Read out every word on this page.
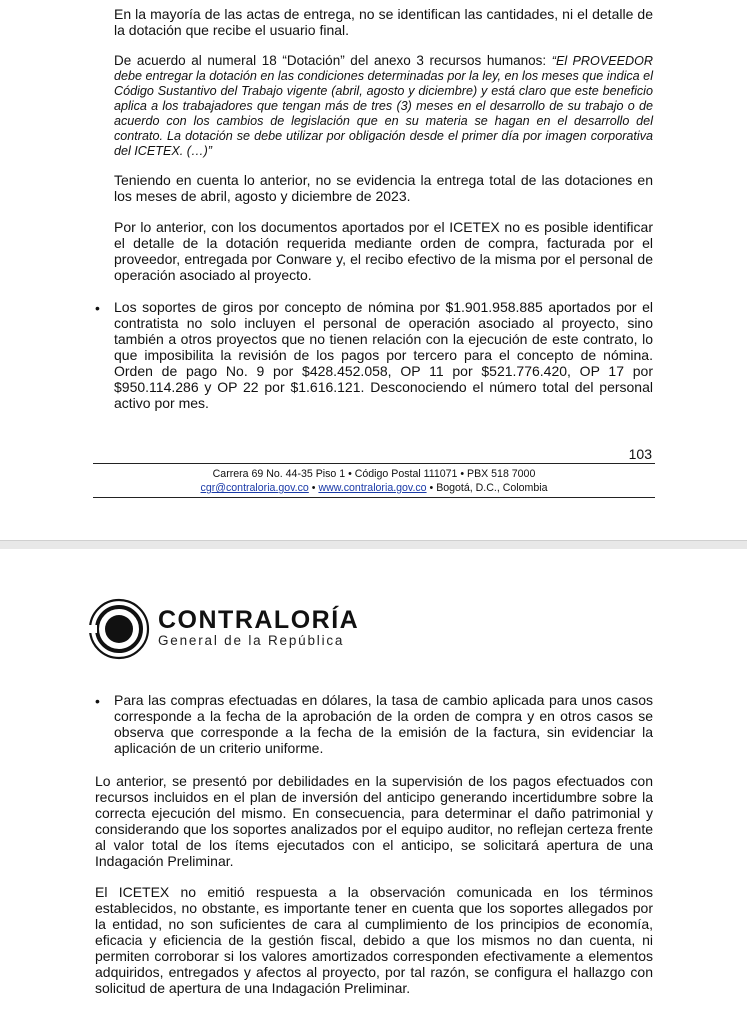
En la mayoría de las actas de entrega, no se identifican las cantidades, ni el detalle de la dotación que recibe el usuario final.

De acuerdo al numeral 18 “Dotación” del anexo 3 recursos humanos: “El PROVEEDOR debe entregar la dotación en las condiciones determinadas por la ley, en los meses que indica el Código Sustantivo del Trabajo vigente (abril, agosto y diciembre) y está claro que este beneficio aplica a los trabajadores que tengan más de tres (3) meses en el desarrollo de su trabajo o de acuerdo con los cambios de legislación que en su materia se hagan en el desarrollo del contrato. La dotación se debe utilizar por obligación desde el primer día por imagen corporativa del ICETEX. (…)”

Teniendo en cuenta lo anterior, no se evidencia la entrega total de las dotaciones en los meses de abril, agosto y diciembre de 2023.

Por lo anterior, con los documentos aportados por el ICETEX no es posible identificar el detalle de la dotación requerida mediante orden de compra, facturada por el proveedor, entregada por Conware y, el recibo efectivo de la misma por el personal de operación asociado al proyecto.

• Los soportes de giros por concepto de nómina por $1.901.958.885 aportados por el contratista no solo incluyen el personal de operación asociado al proyecto, sino también a otros proyectos que no tienen relación con la ejecución de este contrato, lo que imposibilita la revisión de los pagos por tercero para el concepto de nómina. Orden de pago No. 9 por $428.452.058, OP 11 por $521.776.420, OP 17 por $950.114.286 y OP 22 por $1.616.121. Desconociendo el número total del personal activo por mes.

103
Carrera 69 No. 44-35 Piso 1 • Código Postal 111071 • PBX 518 7000
cgr@contraloria.gov.co • www.contraloria.gov.co • Bogotá, D.C., Colombia
CONTRALORÍA
General de la República
• Para las compras efectuadas en dólares, la tasa de cambio aplicada para unos casos corresponde a la fecha de la aprobación de la orden de compra y en otros casos se observa que corresponde a la fecha de la emisión de la factura, sin evidenciar la aplicación de un criterio uniforme.

Lo anterior, se presentó por debilidades en la supervisión de los pagos efectuados con recursos incluidos en el plan de inversión del anticipo generando incertidumbre sobre la correcta ejecución del mismo. En consecuencia, para determinar el daño patrimonial y considerando que los soportes analizados por el equipo auditor, no reflejan certeza frente al valor total de los ítems ejecutados con el anticipo, se solicitará apertura de una Indagación Preliminar.

El ICETEX no emitió respuesta a la observación comunicada en los términos establecidos, no obstante, es importante tener en cuenta que los soportes allegados por la entidad, no son suficientes de cara al cumplimiento de los principios de economía, eficacia y eficiencia de la gestión fiscal, debido a que los mismos no dan cuenta, ni permiten corroborar si los valores amortizados corresponden efectivamente a elementos adquiridos, entregados y afectos al proyecto, por tal razón, se configura el hallazgo con solicitud de apertura de una Indagación Preliminar.
